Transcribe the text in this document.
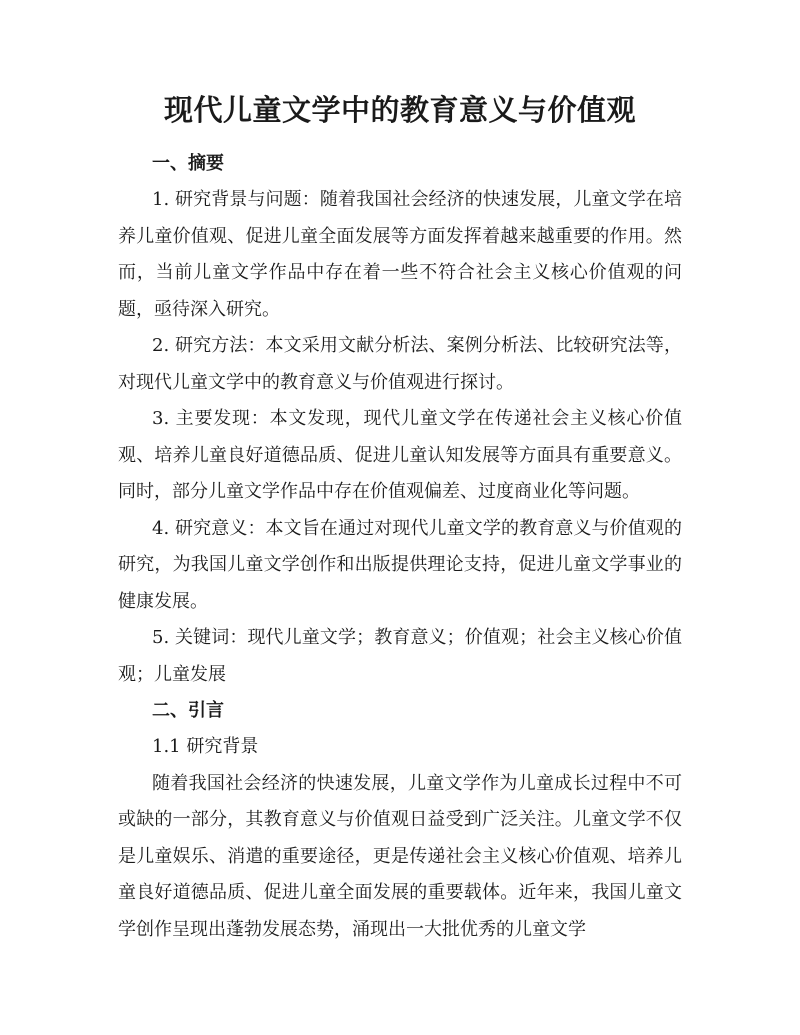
现代儿童文学中的教育意义与价值观
一、摘要

1. 研究背景与问题：随着我国社会经济的快速发展，儿童文学在培养儿童价值观、促进儿童全面发展等方面发挥着越来越重要的作用。然而，当前儿童文学作品中存在着一些不符合社会主义核心价值观的问题，亟待深入研究。

2. 研究方法：本文采用文献分析法、案例分析法、比较研究法等，对现代儿童文学中的教育意义与价值观进行探讨。

3. 主要发现：本文发现，现代儿童文学在传递社会主义核心价值观、培养儿童良好道德品质、促进儿童认知发展等方面具有重要意义。同时，部分儿童文学作品中存在价值观偏差、过度商业化等问题。

4. 研究意义：本文旨在通过对现代儿童文学的教育意义与价值观的研究，为我国儿童文学创作和出版提供理论支持，促进儿童文学事业的健康发展。

5. 关键词：现代儿童文学；教育意义；价值观；社会主义核心价值观；儿童发展

二、引言
1.1 研究背景

随着我国社会经济的快速发展，儿童文学作为儿童成长过程中不可或缺的一部分，其教育意义与价值观日益受到广泛关注。儿童文学不仅是儿童娱乐、消遣的重要途径，更是传递社会主义核心价值观、培养儿童良好道德品质、促进儿童全面发展的重要载体。近年来，我国儿童文学创作呈现出蓬勃发展态势，涌现出一大批优秀的儿童文学
